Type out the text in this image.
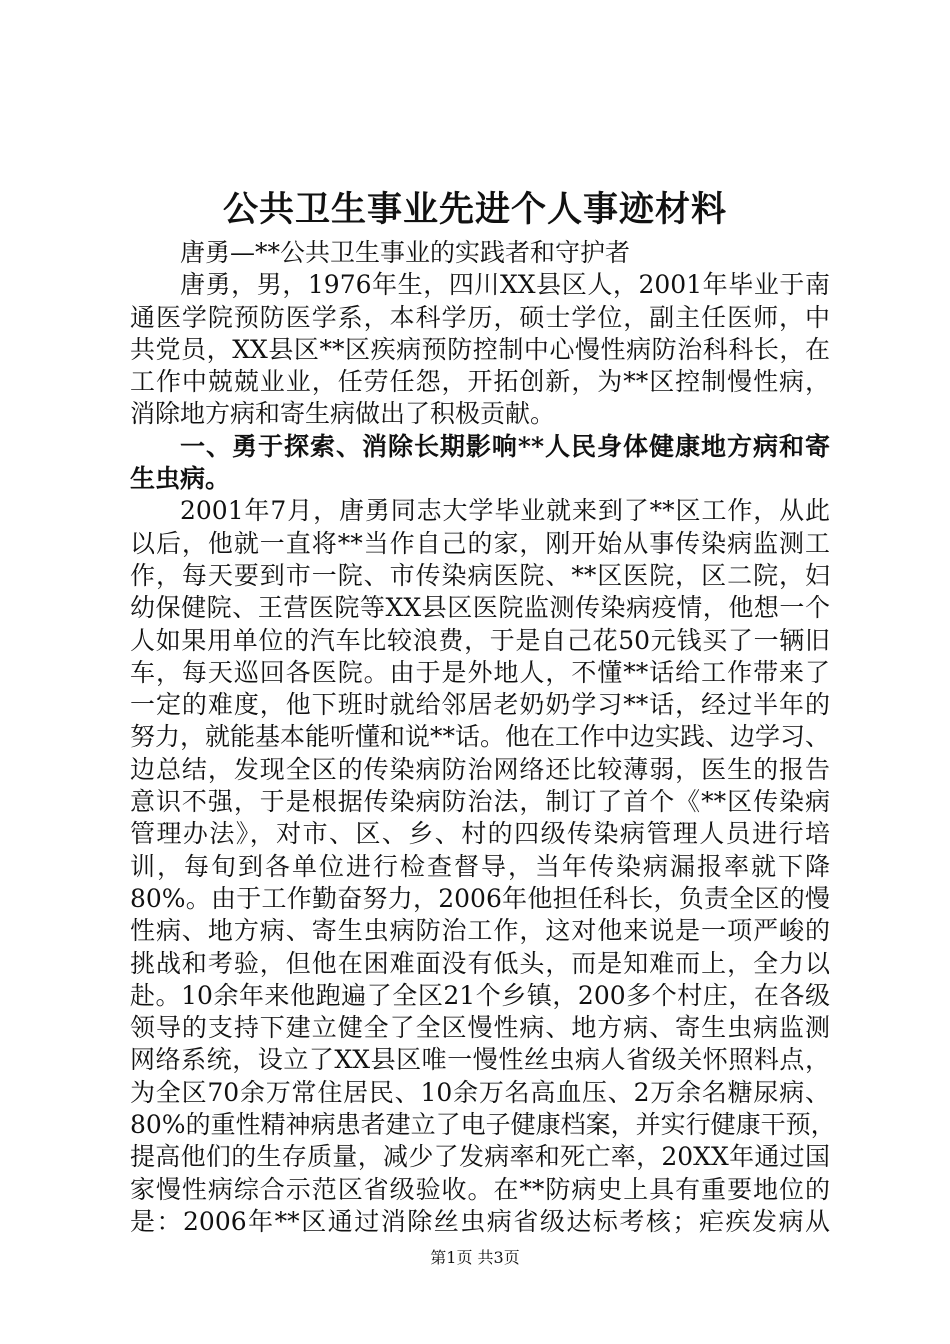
公共卫生事业先进个人事迹材料
唐勇—**公共卫生事业的实践者和守护者
唐勇，男，1976年生，四川XX县区人，2001年毕业于南
通医学院预防医学系，本科学历，硕士学位，副主任医师，中
共党员，XX县区**区疾病预防控制中心慢性病防治科科长，在
工作中兢兢业业，任劳任怨，开拓创新，为**区控制慢性病，
消除地方病和寄生病做出了积极贡献。
一、勇于探索、消除长期影响**人民身体健康地方病和寄
生虫病。
2001年7月，唐勇同志大学毕业就来到了**区工作，从此
以后，他就一直将**当作自己的家，刚开始从事传染病监测工
作，每天要到市一院、市传染病医院、**区医院，区二院，妇
幼保健院、王营医院等XX县区医院监测传染病疫情，他想一个
人如果用单位的汽车比较浪费，于是自己花50元钱买了一辆旧
车，每天巡回各医院。由于是外地人，不懂**话给工作带来了
一定的难度，他下班时就给邻居老奶奶学习**话，经过半年的
努力，就能基本能听懂和说**话。他在工作中边实践、边学习、
边总结，发现全区的传染病防治网络还比较薄弱，医生的报告
意识不强，于是根据传染病防治法，制订了首个《**区传染病
管理办法》，对市、区、乡、村的四级传染病管理人员进行培
训，每旬到各单位进行检查督导，当年传染病漏报率就下降
80%。由于工作勤奋努力，2006年他担任科长，负责全区的慢
性病、地方病、寄生虫病防治工作，这对他来说是一项严峻的
挑战和考验，但他在困难面没有低头，而是知难而上，全力以
赴。10余年来他跑遍了全区21个乡镇，200多个村庄，在各级
领导的支持下建立健全了全区慢性病、地方病、寄生虫病监测
网络系统，设立了XX县区唯一慢性丝虫病人省级关怀照料点，
为全区70余万常住居民、10余万名高血压、2万余名糖尿病、
80%的重性精神病患者建立了电子健康档案，并实行健康干预，
提高他们的生存质量，减少了发病率和死亡率，20XX年通过国
家慢性病综合示范区省级验收。在**防病史上具有重要地位的
是：2006年**区通过消除丝虫病省级达标考核；疟疾发病从
第1页 共3页
